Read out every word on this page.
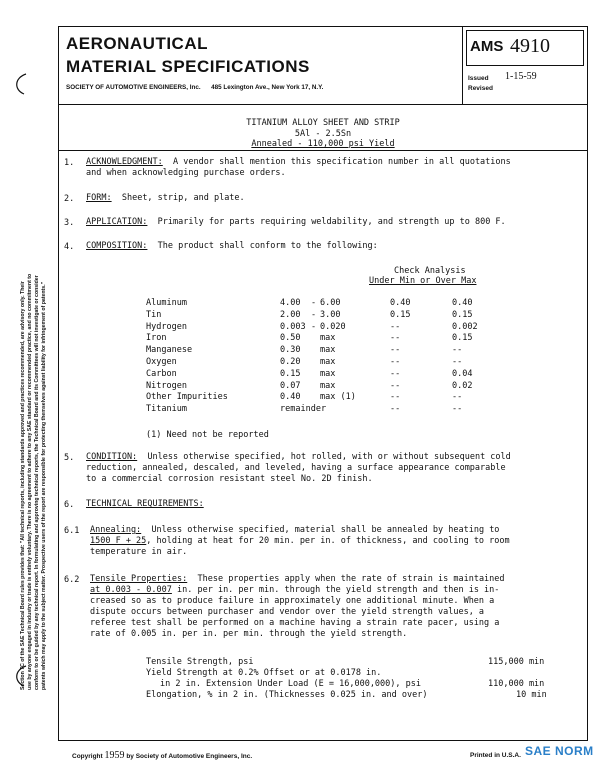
Section 7C of the SAE Technical Board rules provides that: "All technical reports, including standards approved and practices recommended, are advisory only. Their use by anyone engaged in industry or trade is entirely voluntary. There is no agreement to adhere to any SAE standard or recommended practice, and no commitment to conform to or be guided by any technical report. In formulating and approving technical reports, the Technical Board and its Committees will not investigate or consider patents which may apply to the subject matter. Prospective users of the report are responsible for protecting themselves against liability for infringement of patents."
AERONAUTICAL
MATERIAL SPECIFICATIONS
SOCIETY OF AUTOMOTIVE ENGINEERS, Inc. 485 Lexington Ave., New York 17, N.Y.
AMS 4910
Issued 1-15-59
Revised
TITANIUM ALLOY SHEET AND STRIP
5Al - 2.5Sn
Annealed - 110,000 psi Yield
1. ACKNOWLEDGMENT: A vendor shall mention this specification number in all quotations
and when acknowledging purchase orders.
2. FORM: Sheet, strip, and plate.
3. APPLICATION: Primarily for parts requiring weldability, and strength up to 800 F.
4. COMPOSITION: The product shall conform to the following:
Check Analysis
Under Min or Over Max
Aluminum	4.00 - 6.00	0.40	0.40
Tin	2.00 - 3.00	0.15	0.15
Hydrogen	0.003 - 0.020	--	0.002
Iron	0.50 max	--	0.15
Manganese	0.30 max	--	--
Oxygen	0.20 max	--	--
Carbon	0.15 max	--	0.04
Nitrogen	0.07 max	--	0.02
Other Impurities	0.40 max (1)	--	--
Titanium	remainder	--	--
(1) Need not be reported
5. CONDITION: Unless otherwise specified, hot rolled, with or without subsequent cold
reduction, annealed, descaled, and leveled, having a surface appearance comparable
to a commercial corrosion resistant steel No. 2D finish.
6. TECHNICAL REQUIREMENTS:
6.1 Annealing: Unless otherwise specified, material shall be annealed by heating to
1500 F + 25, holding at heat for 20 min. per in. of thickness, and cooling to room
temperature in air.
6.2 Tensile Properties: These properties apply when the rate of strain is maintained
at 0.003 - 0.007 in. per in. per min. through the yield strength and then is in-
creased so as to produce failure in approximately one additional minute. When a
dispute occurs between purchaser and vendor over the yield strength values, a
referee test shall be performed on a machine having a strain rate pacer, using a
rate of 0.005 in. per in. per min. through the yield strength.
Tensile Strength, psi	115,000 min
Yield Strength at 0.2% Offset or at 0.0178 in.
in 2 in. Extension Under Load (E = 16,000,000), psi	110,000 min
Elongation, % in 2 in. (Thicknesses 0.025 in. and over)	10 min
Copyright 1959 by Society of Automotive Engineers, Inc.	Printed in U.S.A. SAE NORM
